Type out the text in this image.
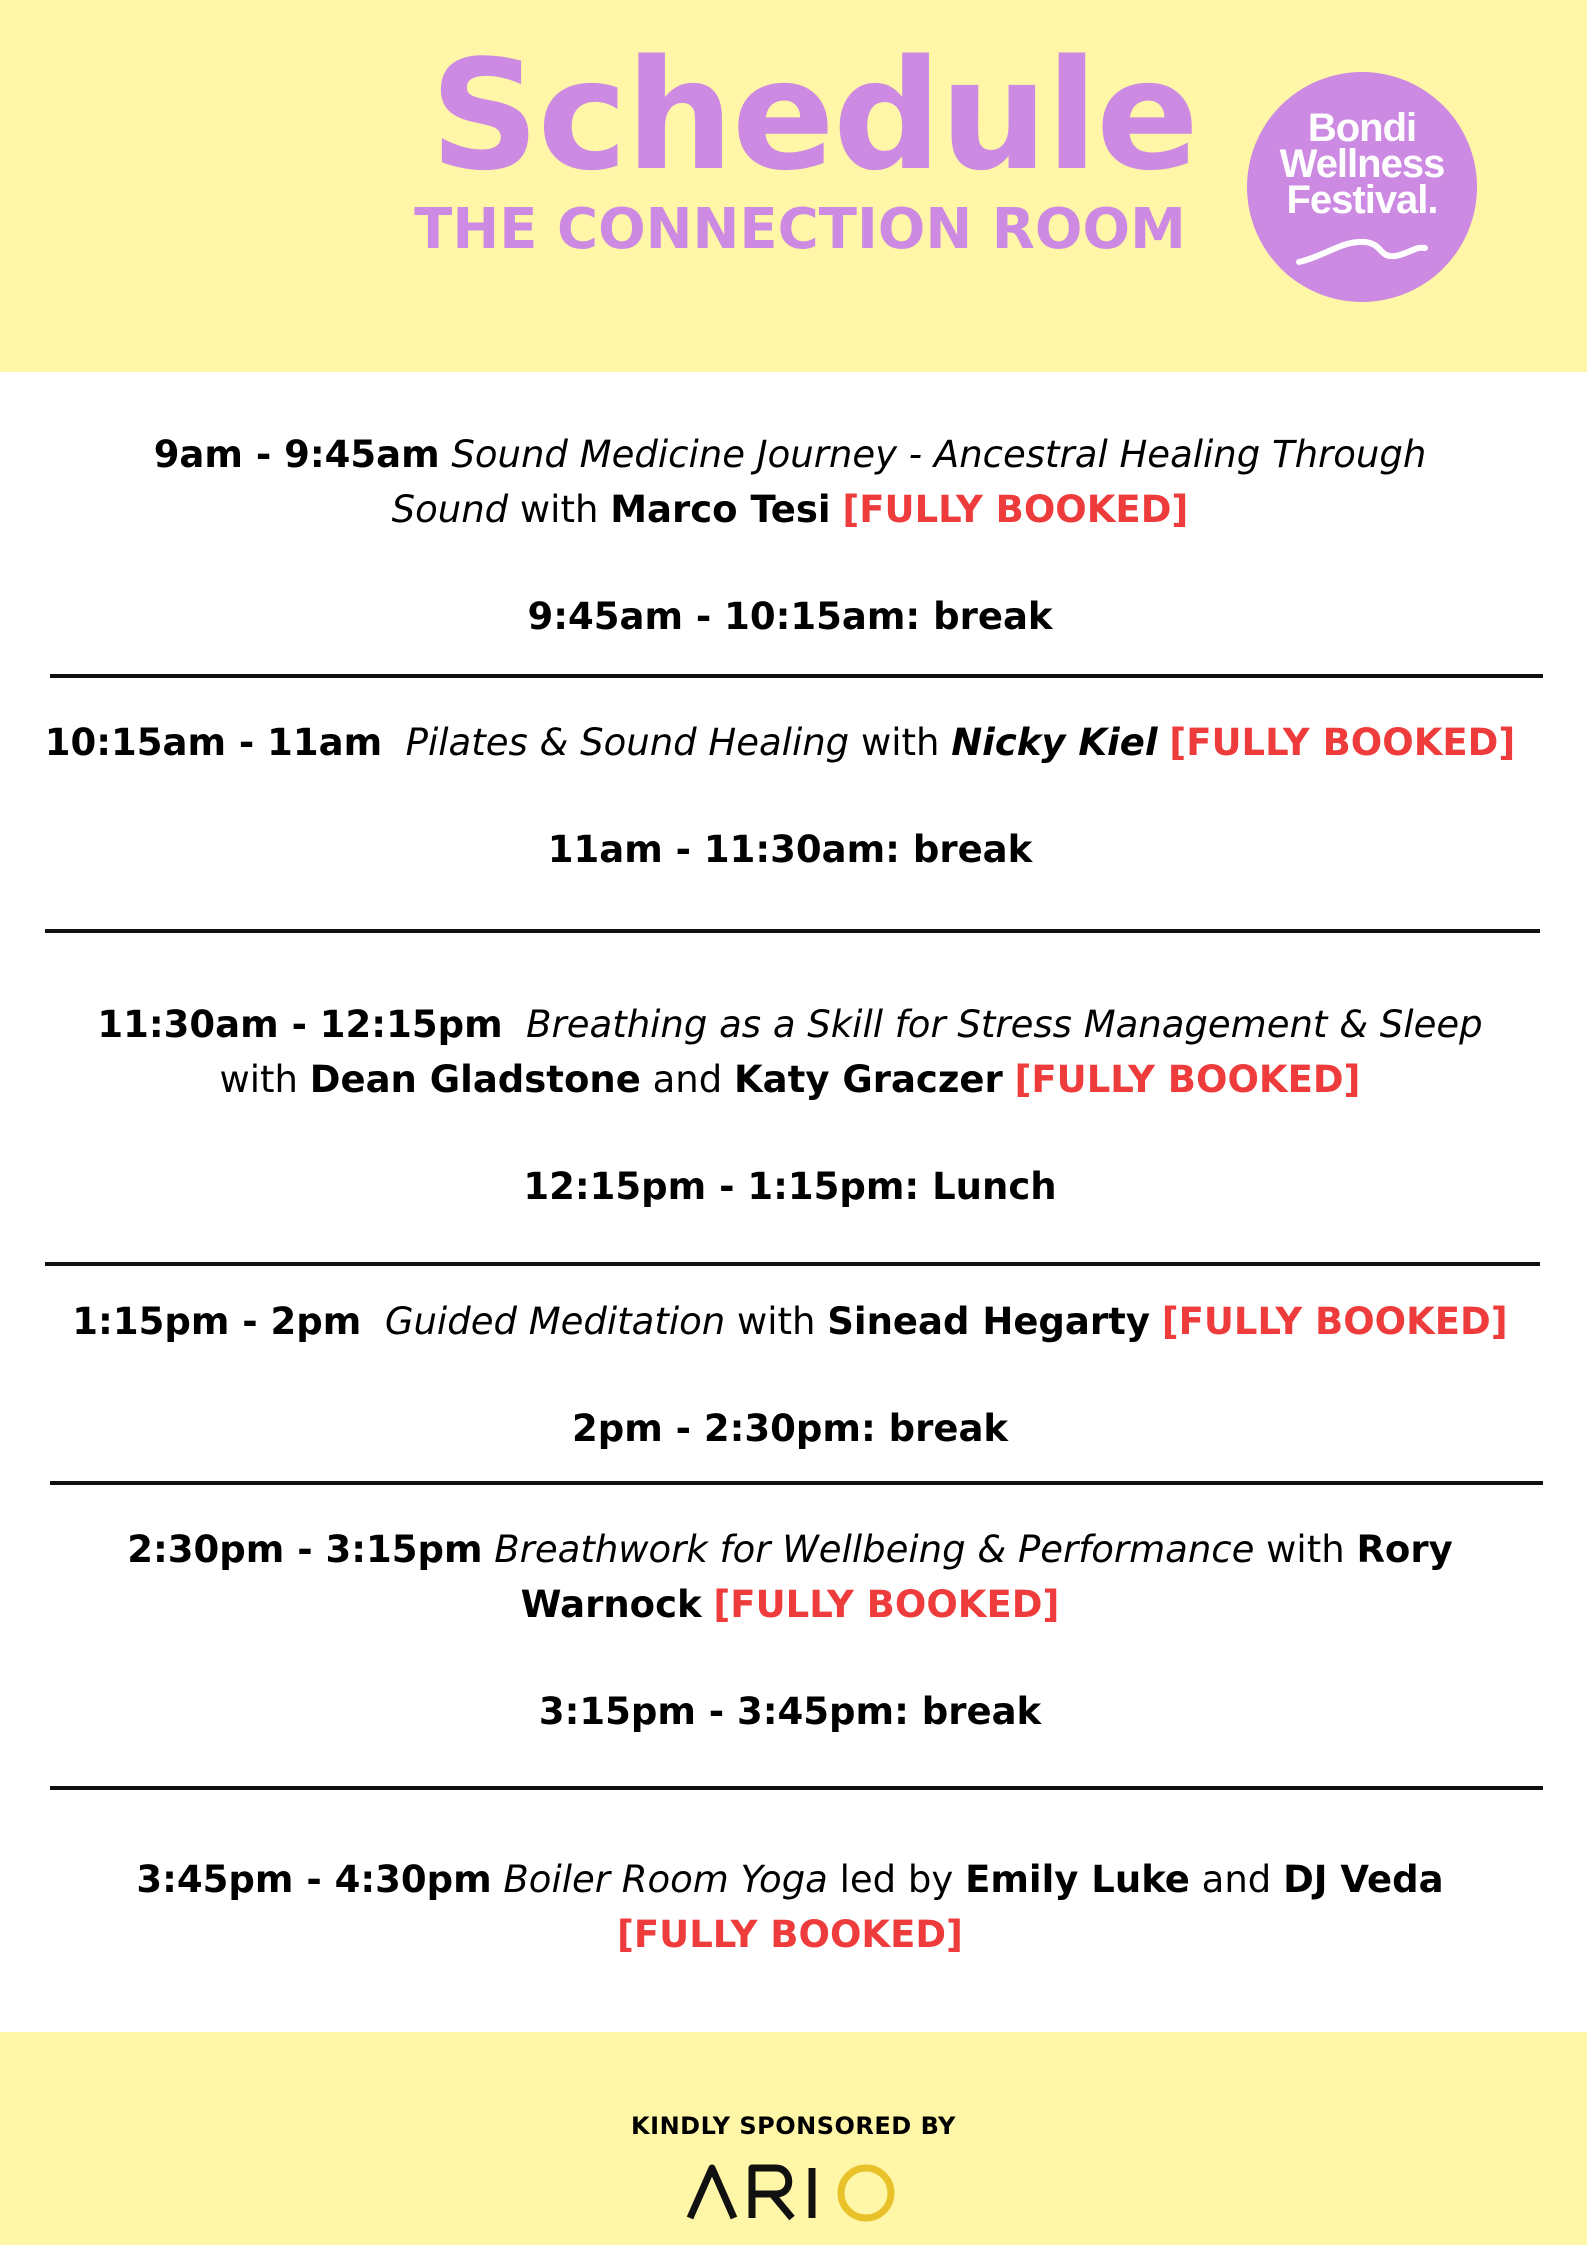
Schedule
THE CONNECTION ROOM
Bondi
Wellness
Festival.
9am - 9:45am Sound Medicine Journey - Ancestral Healing Through
Sound with Marco Tesi [FULLY BOOKED]
9:45am - 10:15am: break
10:15am - 11am Pilates & Sound Healing with Nicky Kiel [FULLY BOOKED]
11am - 11:30am: break
11:30am - 12:15pm Breathing as a Skill for Stress Management & Sleep
with Dean Gladstone and Katy Graczer [FULLY BOOKED]
12:15pm - 1:15pm: Lunch
1:15pm - 2pm Guided Meditation with Sinead Hegarty [FULLY BOOKED]
2pm - 2:30pm: break
2:30pm - 3:15pm Breathwork for Wellbeing & Performance with Rory
Warnock [FULLY BOOKED]
3:15pm - 3:45pm: break
3:45pm - 4:30pm Boiler Room Yoga led by Emily Luke and DJ Veda
[FULLY BOOKED]
KINDLY SPONSORED BY
